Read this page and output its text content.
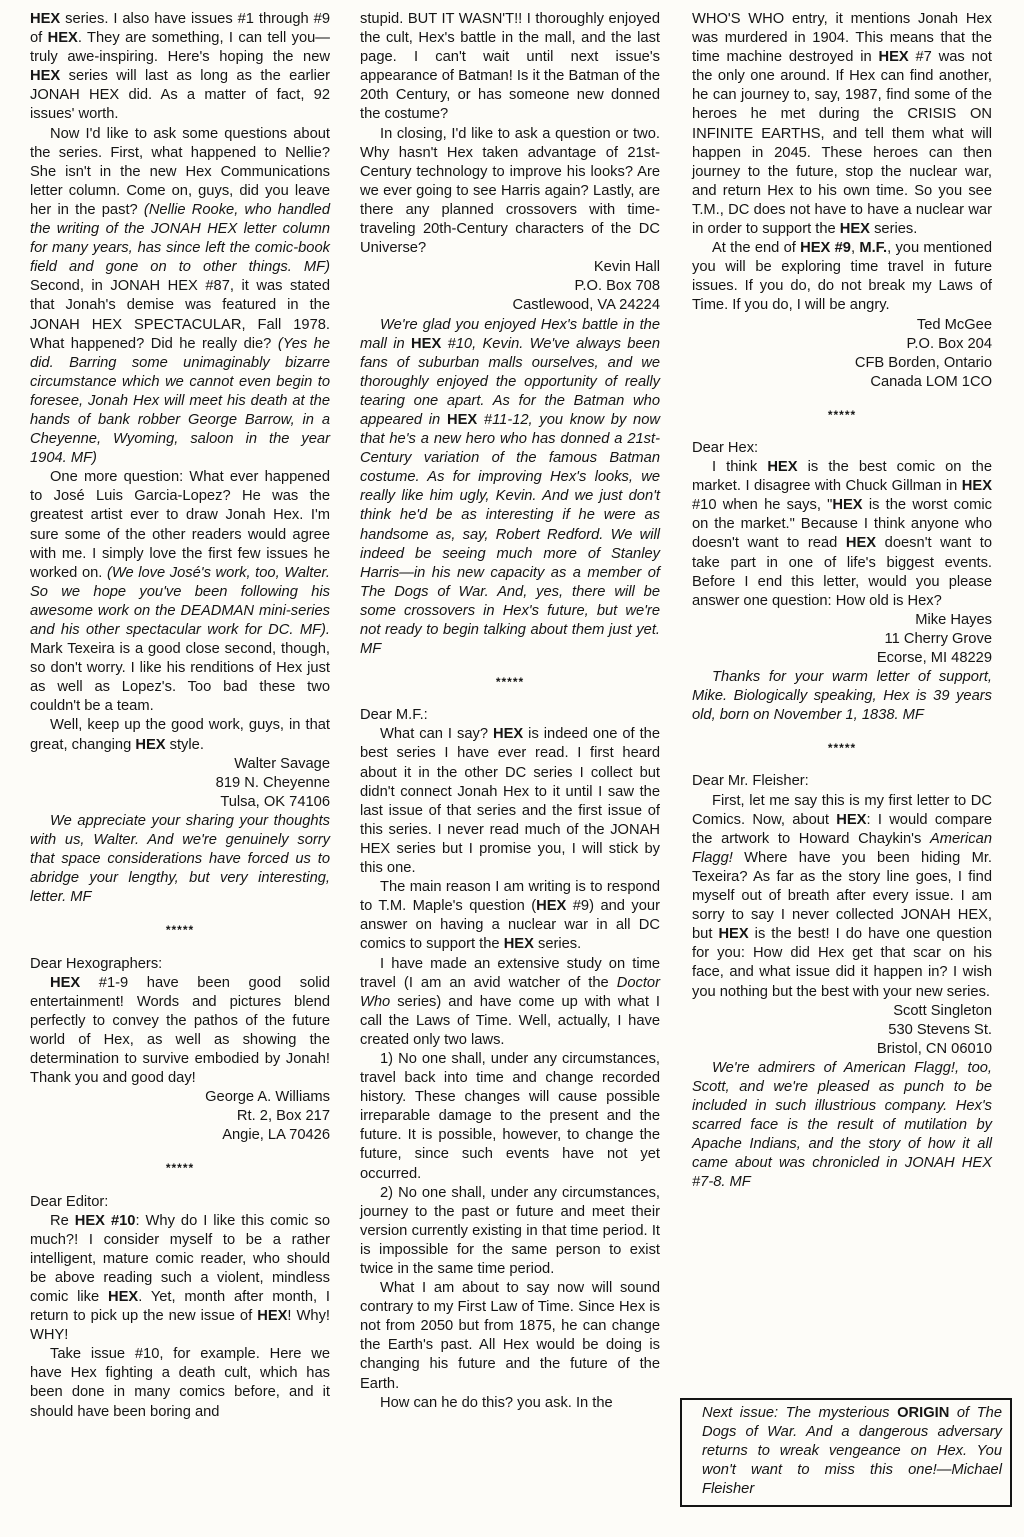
HEX series. I also have issues #1 through #9 of HEX. They are something, I can tell you—truly awe-inspiring. Here's hoping the new HEX series will last as long as the earlier JONAH HEX did. As a matter of fact, 92 issues' worth.

Now I'd like to ask some questions about the series. First, what happened to Nellie? She isn't in the new Hex Communications letter column. Come on, guys, did you leave her in the past? (Nellie Rooke, who handled the writing of the JONAH HEX letter column for many years, has since left the comic-book field and gone on to other things. MF) Second, in JONAH HEX #87, it was stated that Jonah's demise was featured in the JONAH HEX SPECTACULAR, Fall 1978. What happened? Did he really die? (Yes he did. Barring some unimaginably bizarre circumstance which we cannot even begin to foresee, Jonah Hex will meet his death at the hands of bank robber George Barrow, in a Cheyenne, Wyoming, saloon in the year 1904. MF)

One more question: What ever happened to José Luis Garcia-Lopez? He was the greatest artist ever to draw Jonah Hex. I'm sure some of the other readers would agree with me. I simply love the first few issues he worked on. (We love José's work, too, Walter. So we hope you've been following his awesome work on the DEADMAN mini-series and his other spectacular work for DC. MF). Mark Texeira is a good close second, though, so don't worry. I like his renditions of Hex just as well as Lopez's. Too bad these two couldn't be a team.

Well, keep up the good work, guys, in that great, changing HEX style.

Walter Savage

819 N. Cheyenne

Tulsa, OK 74106

We appreciate your sharing your thoughts with us, Walter. And we're genuinely sorry that space considerations have forced us to abridge your lengthy, but very interesting, letter. MF

*****

Dear Hexographers:

HEX #1-9 have been good solid entertainment! Words and pictures blend perfectly to convey the pathos of the future world of Hex, as well as showing the determination to survive embodied by Jonah! Thank you and good day!

George A. Williams

Rt. 2, Box 217

Angie, LA 70426

*****

Dear Editor:

Re HEX #10: Why do I like this comic so much?! I consider myself to be a rather intelligent, mature comic reader, who should be above reading such a violent, mindless comic like HEX. Yet, month after month, I return to pick up the new issue of HEX! Why! WHY!

Take issue #10, for example. Here we have Hex fighting a death cult, which has been done in many comics before, and it should have been boring and

stupid. BUT IT WASN'T!! I thoroughly enjoyed the cult, Hex's battle in the mall, and the last page. I can't wait until next issue's appearance of Batman! Is it the Batman of the 20th Century, or has someone new donned the costume?

In closing, I'd like to ask a question or two. Why hasn't Hex taken advantage of 21st-Century technology to improve his looks? Are we ever going to see Harris again? Lastly, are there any planned crossovers with time-traveling 20th-Century characters of the DC Universe?

Kevin Hall

P.O. Box 708

Castlewood, VA 24224

We're glad you enjoyed Hex's battle in the mall in HEX #10, Kevin. We've always been fans of suburban malls ourselves, and we thoroughly enjoyed the opportunity of really tearing one apart. As for the Batman who appeared in HEX #11-12, you know by now that he's a new hero who has donned a 21st-Century variation of the famous Batman costume. As for improving Hex's looks, we really like him ugly, Kevin. And we just don't think he'd be as interesting if he were as handsome as, say, Robert Redford. We will indeed be seeing much more of Stanley Harris—in his new capacity as a member of The Dogs of War. And, yes, there will be some crossovers in Hex's future, but we're not ready to begin talking about them just yet. MF

*****

Dear M.F.:

What can I say? HEX is indeed one of the best series I have ever read. I first heard about it in the other DC series I collect but didn't connect Jonah Hex to it until I saw the last issue of that series and the first issue of this series. I never read much of the JONAH HEX series but I promise you, I will stick by this one.

The main reason I am writing is to respond to T.M. Maple's question (HEX #9) and your answer on having a nuclear war in all DC comics to support the HEX series.

I have made an extensive study on time travel (I am an avid watcher of the Doctor Who series) and have come up with what I call the Laws of Time. Well, actually, I have created only two laws.

1) No one shall, under any circumstances, travel back into time and change recorded history. These changes will cause possible irreparable damage to the present and the future. It is possible, however, to change the future, since such events have not yet occurred.

2) No one shall, under any circumstances, journey to the past or future and meet their version currently existing in that time period. It is impossible for the same person to exist twice in the same time period.

What I am about to say now will sound contrary to my First Law of Time. Since Hex is not from 2050 but from 1875, he can change the Earth's past. All Hex would be doing is changing his future and the future of the Earth.

How can he do this? you ask. In the

WHO'S WHO entry, it mentions Jonah Hex was murdered in 1904. This means that the time machine destroyed in HEX #7 was not the only one around. If Hex can find another, he can journey to, say, 1987, find some of the heroes he met during the CRISIS ON INFINITE EARTHS, and tell them what will happen in 2045. These heroes can then journey to the future, stop the nuclear war, and return Hex to his own time. So you see T.M., DC does not have to have a nuclear war in order to support the HEX series.

At the end of HEX #9, M.F., you mentioned you will be exploring time travel in future issues. If you do, do not break my Laws of Time. If you do, I will be angry.

Ted McGee

P.O. Box 204

CFB Borden, Ontario

Canada LOM 1CO

*****

Dear Hex:

I think HEX is the best comic on the market. I disagree with Chuck Gillman in HEX #10 when he says, "HEX is the worst comic on the market." Because I think anyone who doesn't want to read HEX doesn't want to take part in one of life's biggest events. Before I end this letter, would you please answer one question: How old is Hex?

Mike Hayes

11 Cherry Grove

Ecorse, MI 48229

Thanks for your warm letter of support, Mike. Biologically speaking, Hex is 39 years old, born on November 1, 1838. MF

*****

Dear Mr. Fleisher:

First, let me say this is my first letter to DC Comics. Now, about HEX: I would compare the artwork to Howard Chaykin's American Flagg! Where have you been hiding Mr. Texeira? As far as the story line goes, I find myself out of breath after every issue. I am sorry to say I never collected JONAH HEX, but HEX is the best! I do have one question for you: How did Hex get that scar on his face, and what issue did it happen in? I wish you nothing but the best with your new series.

Scott Singleton

530 Stevens St.

Bristol, CN 06010

We're admirers of American Flagg!, too, Scott, and we're pleased as punch to be included in such illustrious company. Hex's scarred face is the result of mutilation by Apache Indians, and the story of how it all came about was chronicled in JONAH HEX #7-8. MF

Next issue: The mysterious ORIGIN of The Dogs of War. And a dangerous adversary returns to wreak vengeance on Hex. You won't want to miss this one!—Michael Fleisher
